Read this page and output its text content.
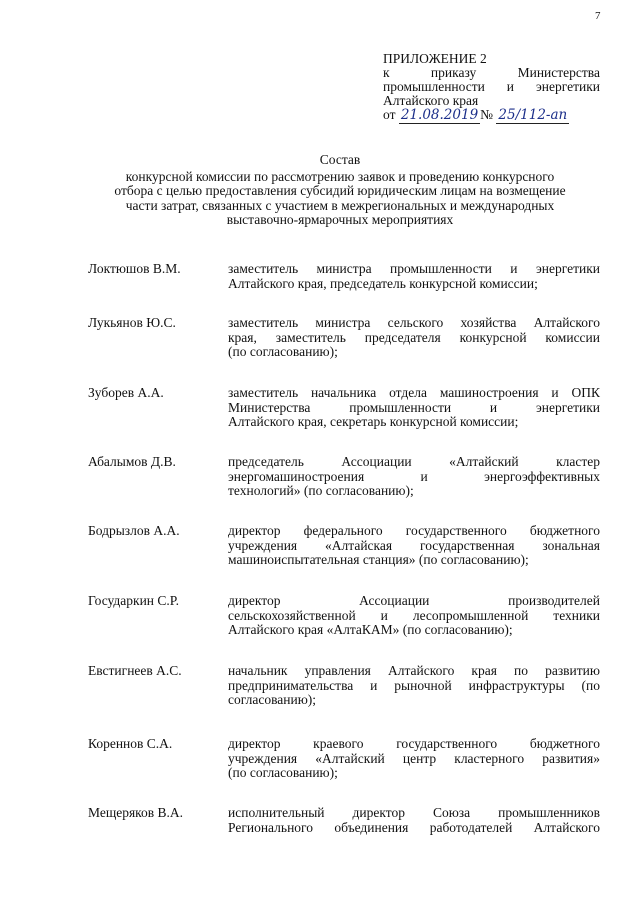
7
ПРИЛОЖЕНИЕ 2
к приказу Министерства
промышленности и энергетики
Алтайского края
от 21.08.2019 № 25/112-ап
Состав
конкурсной комиссии по рассмотрению заявок и проведению конкурсного
отбора с целью предоставления субсидий юридическим лицам на возмещение
части затрат, связанных с участием в межрегиональных и международных
выставочно-ярмарочных мероприятиях
Локтюшов В.М.	заместитель министра промышленности и энергетики
Алтайского края, председатель конкурсной комиссии;
Лукьянов Ю.С.	заместитель министра сельского хозяйства Алтайского
края, заместитель председателя конкурсной комиссии
(по согласованию);
Зуборев А.А.	заместитель начальника отдела машиностроения и ОПК
Министерства промышленности и энергетики
Алтайского края, секретарь конкурсной комиссии;
Абалымов Д.В.	председатель Ассоциации «Алтайский кластер
энергомашиностроения и энергоэффективных
технологий» (по согласованию);
Бодрызлов А.А.	директор федерального государственного бюджетного
учреждения «Алтайская государственная зональная
машиноиспытательная станция» (по согласованию);
Государкин С.Р.	директор Ассоциации производителей
сельскохозяйственной и лесопромышленной техники
Алтайского края «АлтаКАМ» (по согласованию);
Евстигнеев А.С.	начальник управления Алтайского края по развитию
предпринимательства и рыночной инфраструктуры (по
согласованию);
Кореннов С.А.	директор краевого государственного бюджетного
учреждения «Алтайский центр кластерного развития»
(по согласованию);
Мещеряков В.А.	исполнительный директор Союза промышленников
Регионального объединения работодателей Алтайского
